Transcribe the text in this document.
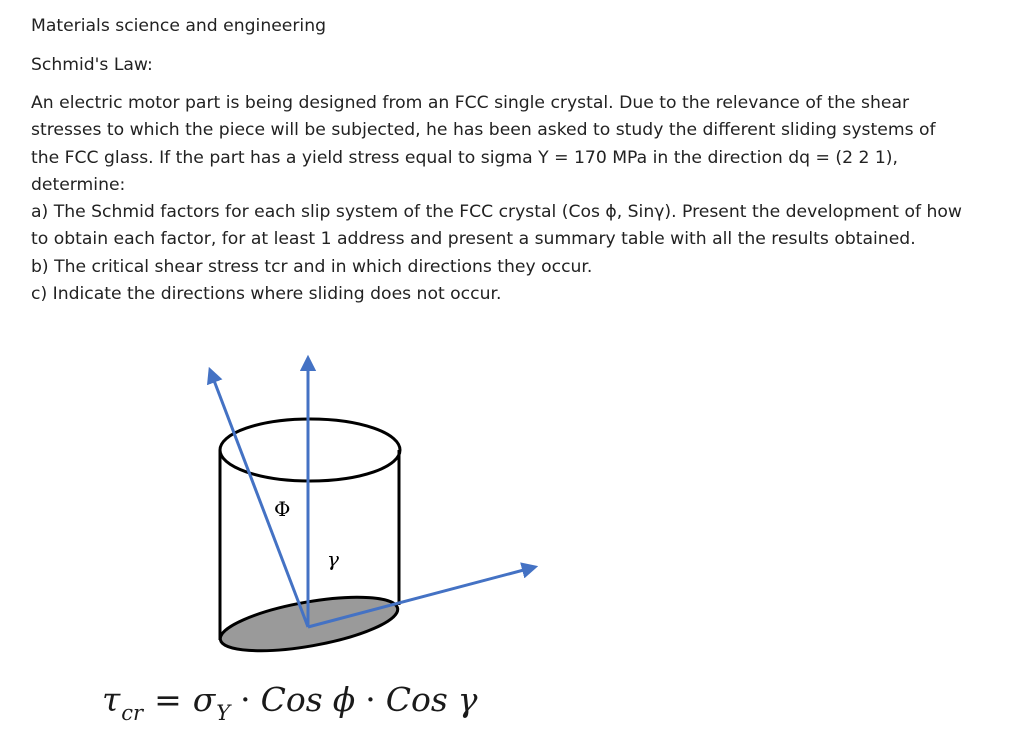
Materials science and engineering
Schmid's Law:
An electric motor part is being designed from an FCC single crystal. Due to the relevance of the shear
stresses to which the piece will be subjected, he has been asked to study the different sliding systems of
the FCC glass. If the part has a yield stress equal to sigma Y = 170 MPa in the direction dq = (2 2 1),
determine:
a) The Schmid factors for each slip system of the FCC crystal (Cos ϕ, Sinγ). Present the development of how
to obtain each factor, for at least 1 address and present a summary table with all the results obtained.
b) The critical shear stress tcr and in which directions they occur.
c) Indicate the directions where sliding does not occur.
Φ
γ
$\tau_{cr} = \sigma_Y$ · Cos ϕ · Cos γ
